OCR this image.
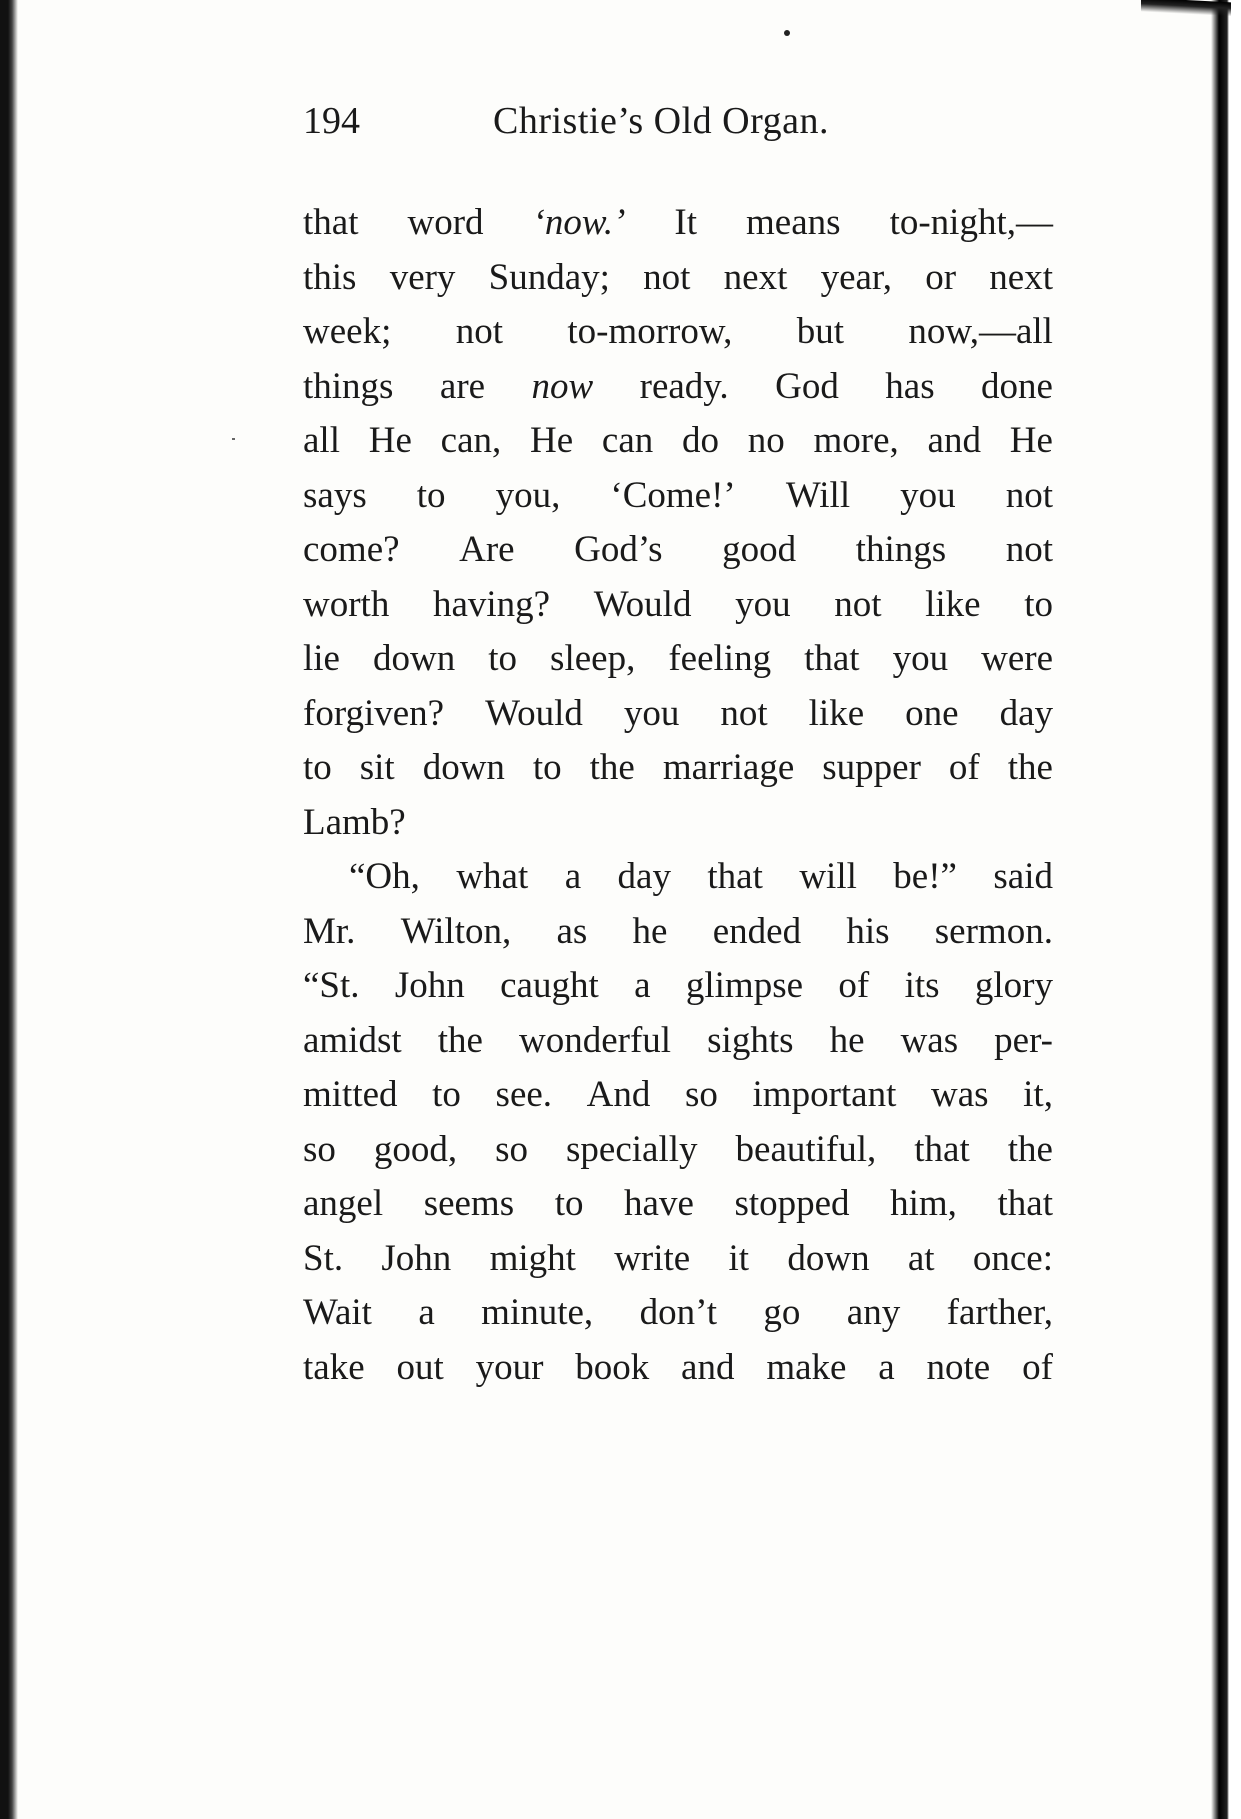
194	Christie’s Old Organ.
that word ‘now.’ It means to-night,—
this very Sunday; not next year, or next
week; not to-morrow, but now,—all
things are now ready. God has done
all He can, He can do no more, and He
says to you, ‘Come!’ Will you not
come? Are God’s good things not
worth having? Would you not like to
lie down to sleep, feeling that you were
forgiven? Would you not like one day
to sit down to the marriage supper of the
Lamb?
“Oh, what a day that will be!” said
Mr. Wilton, as he ended his sermon.
“St. John caught a glimpse of its glory
amidst the wonderful sights he was per-
mitted to see. And so important was it,
so good, so specially beautiful, that the
angel seems to have stopped him, that
St. John might write it down at once:
Wait a minute, don’t go any farther,
take out your book and make a note of
